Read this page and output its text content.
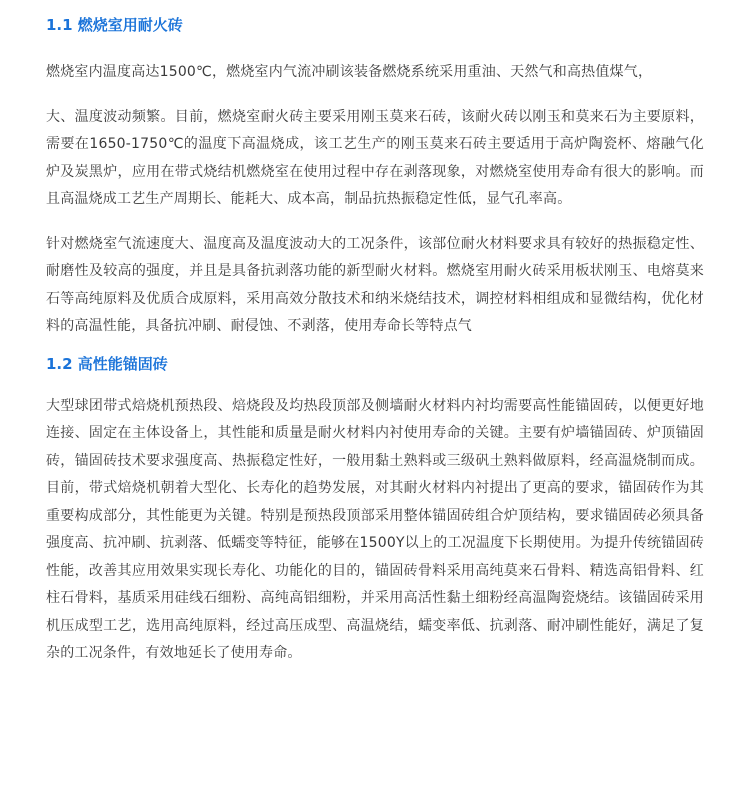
1.1 燃烧室用耐火砖

燃烧室内温度高达1500℃，燃烧室内气流冲刷该装备燃烧系统采用重油、天然气和高热值煤气，

大、温度波动频繁。目前，燃烧室耐火砖主要采用刚玉莫来石砖，该耐火砖以刚玉和莫来石为主要原料，需要在1650-1750℃的温度下高温烧成，该工艺生产的刚玉莫来石砖主要适用于高炉陶瓷杯、熔融气化炉及炭黑炉，应用在带式烧结机燃烧室在使用过程中存在剥落现象，对燃烧室使用寿命有很大的影响。而且高温烧成工艺生产周期长、能耗大、成本高，制品抗热振稳定性低，显气孔率高。

针对燃烧室气流速度大、温度高及温度波动大的工况条件，该部位耐火材料要求具有较好的热振稳定性、耐磨性及较高的强度，并且是具备抗剥落功能的新型耐火材料。燃烧室用耐火砖采用板状刚玉、电熔莫来石等高纯原料及优质合成原料，采用高效分散技术和纳米烧结技术，调控材料相组成和显微结构，优化材料的高温性能，具备抗冲刷、耐侵蚀、不剥落，使用寿命长等特点气

1.2 高性能锚固砖

大型球团带式焙烧机预热段、焙烧段及均热段顶部及侧墙耐火材料内衬均需要高性能锚固砖，以便更好地连接、固定在主体设备上，其性能和质量是耐火材料内衬使用寿命的关键。主要有炉墙锚固砖、炉顶锚固砖，锚固砖技术要求强度高、热振稳定性好，一般用黏土熟料或三级矾土熟料做原料，经高温烧制而成。目前，带式焙烧机朝着大型化、长寿化的趋势发展，对其耐火材料内衬提出了更高的要求，锚固砖作为其重要构成部分，其性能更为关键。特别是预热段顶部采用整体锚固砖组合炉顶结构，要求锚固砖必须具备强度高、抗冲刷、抗剥落、低蠕变等特征，能够在1500Y以上的工况温度下长期使用。为提升传统锚固砖性能，改善其应用效果实现长寿化、功能化的目的，锚固砖骨料采用高纯莫来石骨料、精选高铝骨料、红柱石骨料，基质采用硅线石细粉、高纯高铝细粉，并采用高活性黏土细粉经高温陶瓷烧结。该锚固砖采用机压成型工艺，选用高纯原料，经过高压成型、高温烧结，蠕变率低、抗剥落、耐冲刷性能好，满足了复杂的工况条件，有效地延长了使用寿命。
